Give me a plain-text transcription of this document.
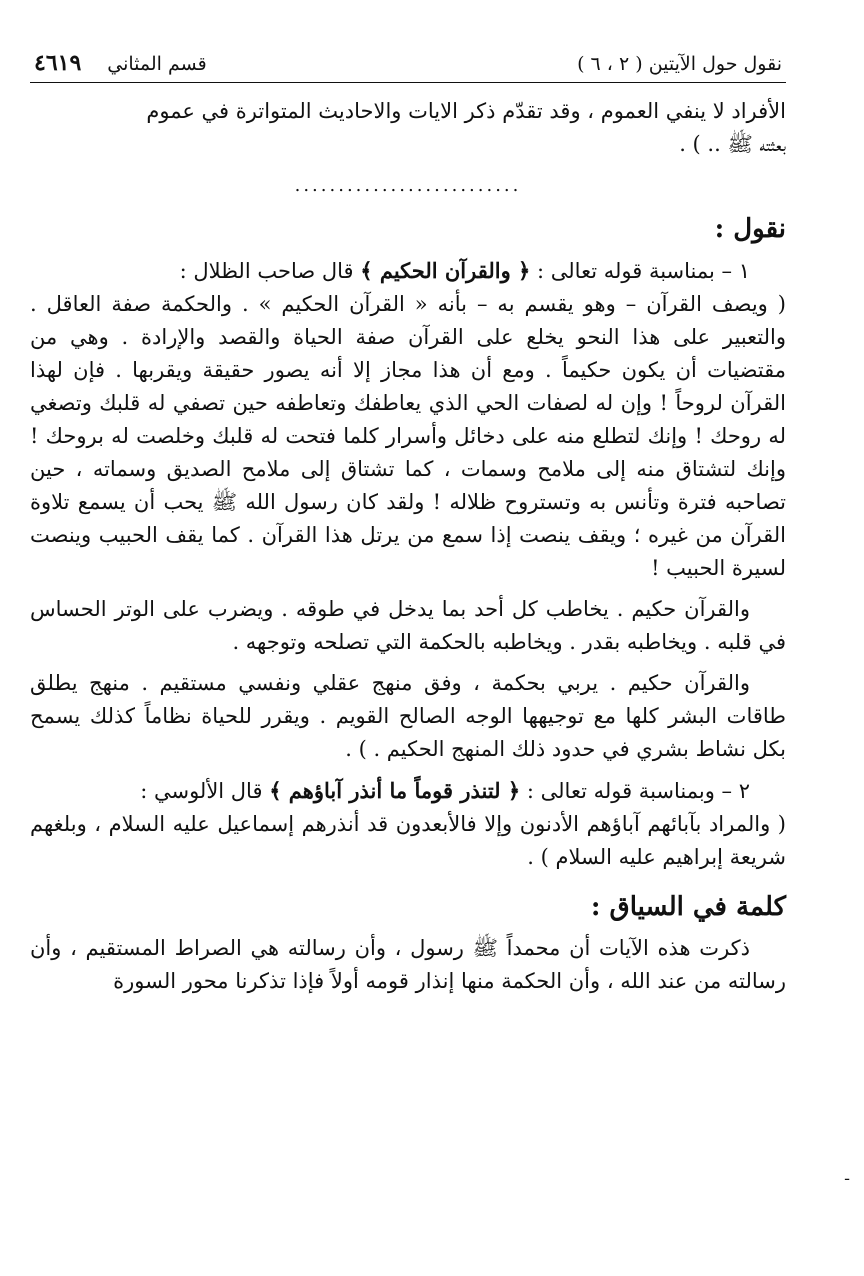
نقول حول الآيتين ( ٢ ، ٦ )
قسم المثاني
٤٦١٩

الأفراد لا ينفي العموم ، وقد تقدّم ذكر الايات والاحاديث المتواترة في عموم

بعثته ﷺ .. ) .

..........................
نقول :

١ – بمناسبة قوله تعالى : ﴿ والقرآن الحكيم ﴾ قال صاحب الظلال :

( ويصف القرآن – وهو يقسم به – بأنه « القرآن الحكيم » . والحكمة صفة العاقل . والتعبير على هذا النحو يخلع على القرآن صفة الحياة والقصد والإرادة . وهي من مقتضيات أن يكون حكيماً . ومع أن هذا مجاز إلا أنه يصور حقيقة ويقربها . فإن لهذا القرآن لروحاً ! وإن له لصفات الحي الذي يعاطفك وتعاطفه حين تصفي له قلبك وتصغي له روحك ! وإنك لتطلع منه على دخائل وأسرار كلما فتحت له قلبك وخلصت له بروحك ! وإنك لتشتاق منه إلى ملامح وسمات ، كما تشتاق إلى ملامح الصديق وسماته ، حين تصاحبه فترة وتأنس به وتستروح ظلاله ! ولقد كان رسول الله ﷺ يحب أن يسمع تلاوة القرآن من غيره ؛ ويقف ينصت إذا سمع من يرتل هذا القرآن . كما يقف الحبيب وينصت لسيرة الحبيب !

والقرآن حكيم . يخاطب كل أحد بما يدخل في طوقه . ويضرب على الوتر الحساس في قلبه . ويخاطبه بقدر . ويخاطبه بالحكمة التي تصلحه وتوجهه .

والقرآن حكيم . يربي بحكمة ، وفق منهج عقلي ونفسي مستقيم . منهج يطلق طاقات البشر كلها مع توجيهها الوجه الصالح القويم . ويقرر للحياة نظاماً كذلك يسمح بكل نشاط بشري في حدود ذلك المنهج الحكيم . ) .

٢ – وبمناسبة قوله تعالى : ﴿ لتنذر قوماً ما أنذر آباؤهم ﴾ قال الألوسي :

( والمراد بآبائهم آباؤهم الأدنون وإلا فالأبعدون قد أنذرهم إسماعيل عليه السلام ، وبلغهم شريعة إبراهيم عليه السلام ) .

كلمة في السياق :

ذكرت هذه الآيات أن محمداً ﷺ رسول ، وأن رسالته هي الصراط المستقيم ، وأن رسالته من عند الله ، وأن الحكمة منها إنذار قومه أولاً فإذا تذكرنا محور السورة

ـ
